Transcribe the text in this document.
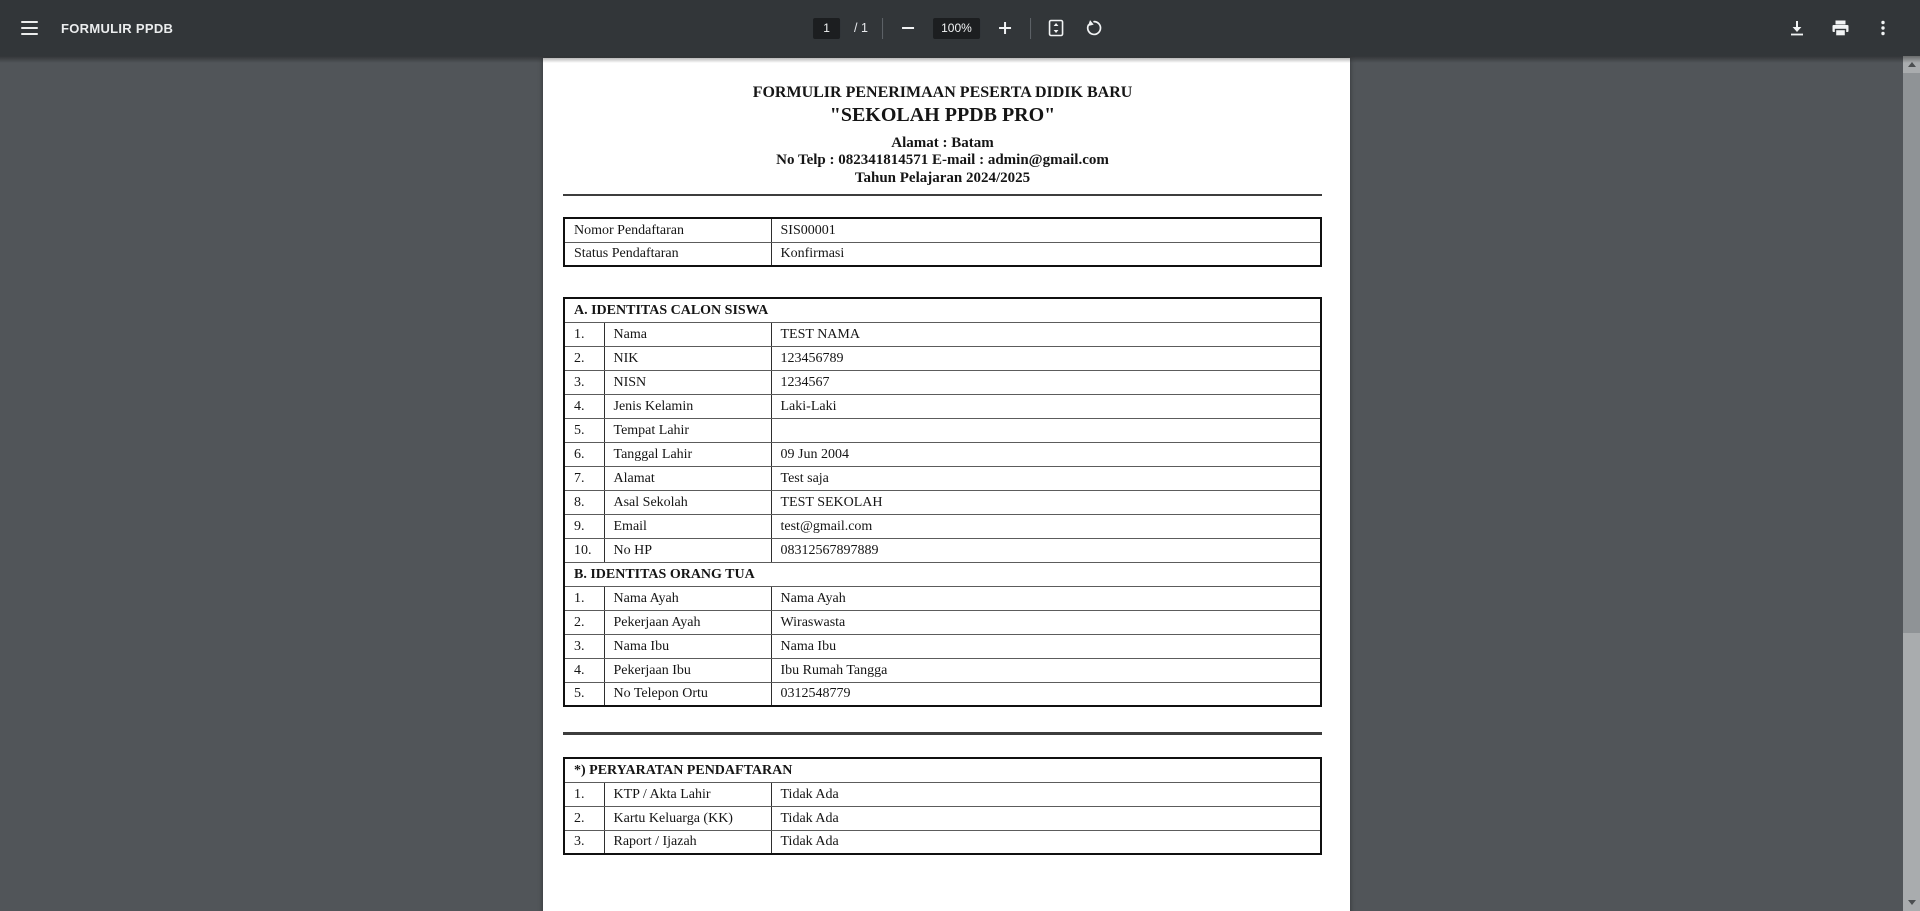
FORMULIR PPDB
1	/ 1	100%
FORMULIR PENERIMAAN PESERTA DIDIK BARU
"SEKOLAH PPDB PRO"
Alamat : Batam
No Telp : 082341814571 E-mail : admin@gmail.com
Tahun Pelajaran 2024/2025
Nomor Pendaftaran	SIS00001
Status Pendaftaran	Konfirmasi
A. IDENTITAS CALON SISWA		
1.	Nama	TEST NAMA
2.	NIK	123456789
3.	NISN	1234567
4.	Jenis Kelamin	Laki-Laki
5.	Tempat Lahir	
6.	Tanggal Lahir	09 Jun 2004
7.	Alamat	Test saja
8.	Asal Sekolah	TEST SEKOLAH
9.	Email	test@gmail.com
10.	No HP	08312567897889
B. IDENTITAS ORANG TUA		
1.	Nama Ayah	Nama Ayah
2.	Pekerjaan Ayah	Wiraswasta
3.	Nama Ibu	Nama Ibu
4.	Pekerjaan Ibu	Ibu Rumah Tangga
5.	No Telepon Ortu	0312548779
*) PERYARATAN PENDAFTARAN		
1.	KTP / Akta Lahir	Tidak Ada
2.	Kartu Keluarga (KK)	Tidak Ada
3.	Raport / Ijazah	Tidak Ada
